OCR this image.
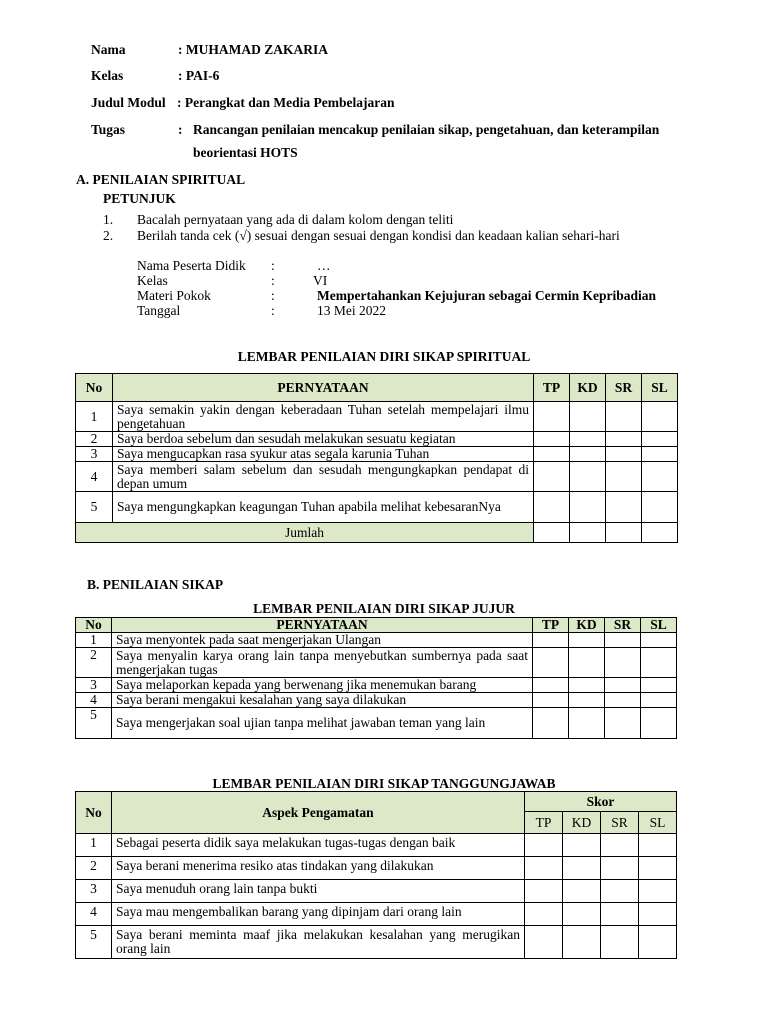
Nama	: MUHAMAD ZAKARIA
Kelas	: PAI-6
Judul Modul : Perangkat dan Media Pembelajaran
Tugas	: Rancangan penilaian mencakup penilaian sikap, pengetahuan, dan keterampilan
beorientasi HOTS
A. PENILAIAN SPIRITUAL
PETUNJUK
1. Bacalah pernyataan yang ada di dalam kolom dengan teliti
2. Berilah tanda cek (√) sesuai dengan sesuai dengan kondisi dan keadaan kalian sehari-hari
Nama Peserta Didik :	…
Kelas	:	VI
Materi Pokok	:	Mempertahankan Kejujuran sebagai Cermin Kepribadian
Tanggal	:	13 Mei 2022
LEMBAR PENILAIAN DIRI SIKAP SPIRITUAL
No	PERNYATAAN	TP	KD	SR	SL
1	Saya semakin yakin dengan keberadaan Tuhan setelah mempelajari ilmu pengetahuan				
2	Saya berdoa sebelum dan sesudah melakukan sesuatu kegiatan				
3	Saya mengucapkan rasa syukur atas segala karunia Tuhan				
4	Saya memberi salam sebelum dan sesudah mengungkapkan pendapat di depan umum				
5	Saya mengungkapkan keagungan Tuhan apabila melihat kebesaranNya				
Jumlah					
B. PENILAIAN SIKAP
LEMBAR PENILAIAN DIRI SIKAP JUJUR
No	PERNYATAAN	TP	KD	SR	SL
1	Saya menyontek pada saat mengerjakan Ulangan				
2	Saya menyalin karya orang lain tanpa menyebutkan sumbernya pada saat mengerjakan tugas				
3	Saya melaporkan kepada yang berwenang jika menemukan barang				
4	Saya berani mengakui kesalahan yang saya dilakukan				
5	Saya mengerjakan soal ujian tanpa melihat jawaban teman yang lain				
LEMBAR PENILAIAN DIRI SIKAP TANGGUNGJAWAB
No	Aspek Pengamatan	Skor			
		TP	KD	SR	SL
1	Sebagai peserta didik saya melakukan tugas-tugas dengan baik				
2	Saya berani menerima resiko atas tindakan yang dilakukan				
3	Saya menuduh orang lain tanpa bukti				
4	Saya mau mengembalikan barang yang dipinjam dari orang lain				
5	Saya berani meminta maaf jika melakukan kesalahan yang merugikan orang lain				
